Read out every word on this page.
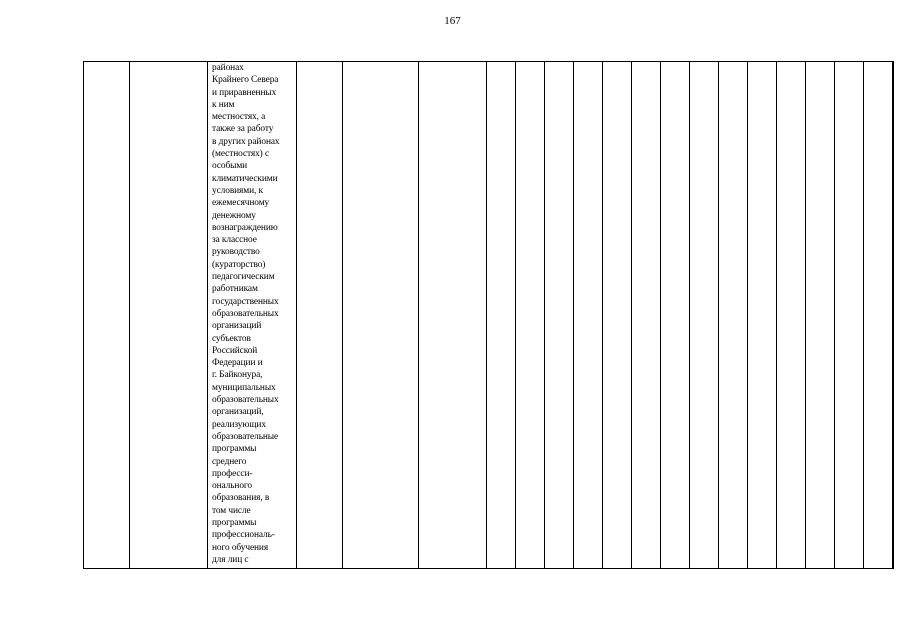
167

районах
Крайнего Севера
и приравненных
к ним
местностях, а
также за работу
в других районах
(местностях) с
особыми
климатическими
условиями, к
ежемесячному
денежному
вознаграждению
за классное
руководство
(кураторство)
педагогическим
работникам
государственных
образовательных
организаций
субъектов
Российской
Федерации и
г. Байконура,
муниципальных
образовательных
организаций,
реализующих
образовательные
программы
среднего
професси-
онального
образования, в
том числе
программы
профессиональ-
ного обучения
для лиц с
